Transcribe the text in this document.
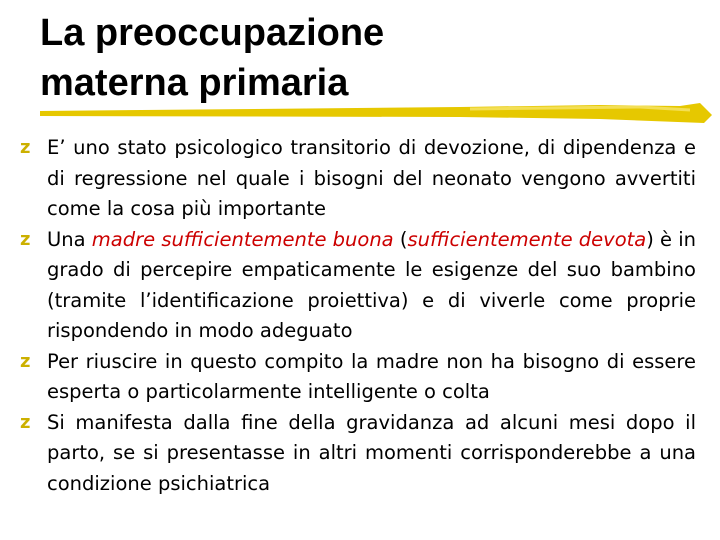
La preoccupazione
materna primaria
z E’ uno stato psicologico transitorio di devozione, di dipendenza e di regressione nel quale i bisogni del neonato vengono avvertiti come la cosa più importante
z Una madre sufficientemente buona (sufficientemente devota) è in grado di percepire empaticamente le esigenze del suo bambino (tramite l’identificazione proiettiva) e di viverle come proprie rispondendo in modo adeguato
z Per riuscire in questo compito la madre non ha bisogno di essere esperta o particolarmente intelligente o colta
z Si manifesta dalla fine della gravidanza ad alcuni mesi dopo il parto, se si presentasse in altri momenti corrisponderebbe a una condizione psichiatrica
